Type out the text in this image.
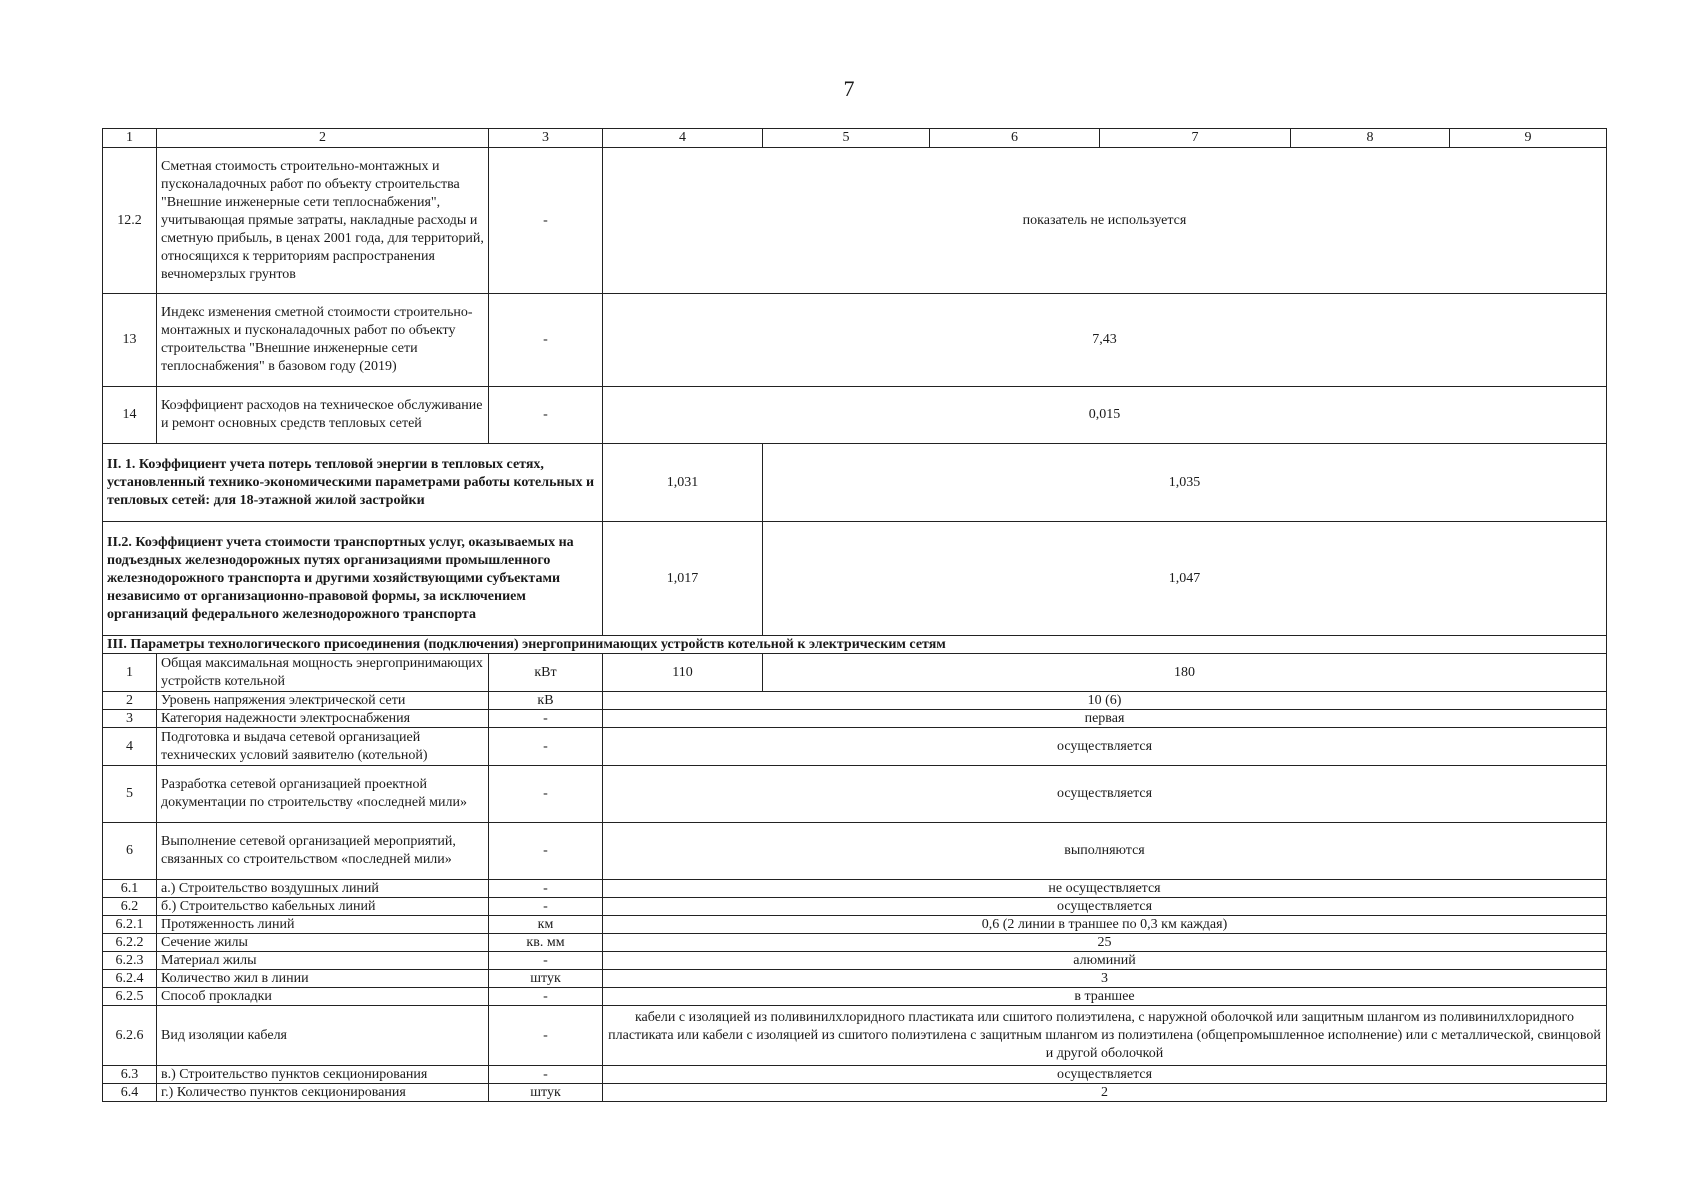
7
1	2	3	4	5	6	7	8	9
12.2	Сметная стоимость строительно-монтажных и пусконаладочных работ по объекту строительства "Внешние инженерные сети теплоснабжения", учитывающая прямые затраты, накладные расходы и сметную прибыль, в ценах 2001 года, для территорий, относящихся к территориям распространения вечномерзлых грунтов	-	показатель не используется					
13	Индекс изменения сметной стоимости строительно-монтажных и пусконаладочных работ по объекту строительства "Внешние инженерные сети теплоснабжения" в базовом году (2019)	-	7,43					
14	Коэффициент расходов на техническое обслуживание и ремонт основных средств тепловых сетей	-	0,015					
II. 1. Коэффициент учета потерь тепловой энергии в тепловых сетях, установленный технико-экономическими параметрами работы котельных и тепловых сетей: для 18-этажной жилой застройки			1,031	1,035				
II.2. Коэффициент учета стоимости транспортных услуг, оказываемых на подъездных железнодорожных путях организациями промышленного железнодорожного транспорта и другими хозяйствующими субъектами независимо от организационно-правовой формы, за исключением организаций федерального железнодорожного транспорта			1,017	1,047				
III. Параметры технологического присоединения (подключения) энергопринимающих устройств котельной к электрическим сетям								
1	Общая максимальная мощность энергопринимающих устройств котельной	кВт	110	180				
2	Уровень напряжения электрической сети	кВ	10 (6)					
3	Категория надежности электроснабжения	-	первая					
4	Подготовка и выдача сетевой организацией технических условий заявителю (котельной)	-	осуществляется					
5	Разработка сетевой организацией проектной документации по строительству «последней мили»	-	осуществляется					
6	Выполнение сетевой организацией мероприятий, связанных со строительством «последней мили»	-	выполняются					
6.1	а.) Строительство воздушных линий	-	не осуществляется					
6.2	б.) Строительство кабельных линий	-	осуществляется					
6.2.1	Протяженность линий	км	0,6 (2 линии в траншее по 0,3 км каждая)					
6.2.2	Сечение жилы	кв. мм	25					
6.2.3	Материал жилы	-	алюминий					
6.2.4	Количество жил в линии	штук	3					
6.2.5	Способ прокладки	-	в траншее					
6.2.6	Вид изоляции кабеля	-	кабели с изоляцией из поливинилхлоридного пластиката или сшитого полиэтилена, с наружной оболочкой или защитным шлангом из поливинилхлоридного пластиката или кабели с изоляцией из сшитого полиэтилена с защитным шлангом из полиэтилена (общепромышленное исполнение) или с металлической, свинцовой и другой оболочкой					
6.3	в.) Строительство пунктов секционирования	-	осуществляется					
6.4	г.) Количество пунктов секционирования	штук	2					
